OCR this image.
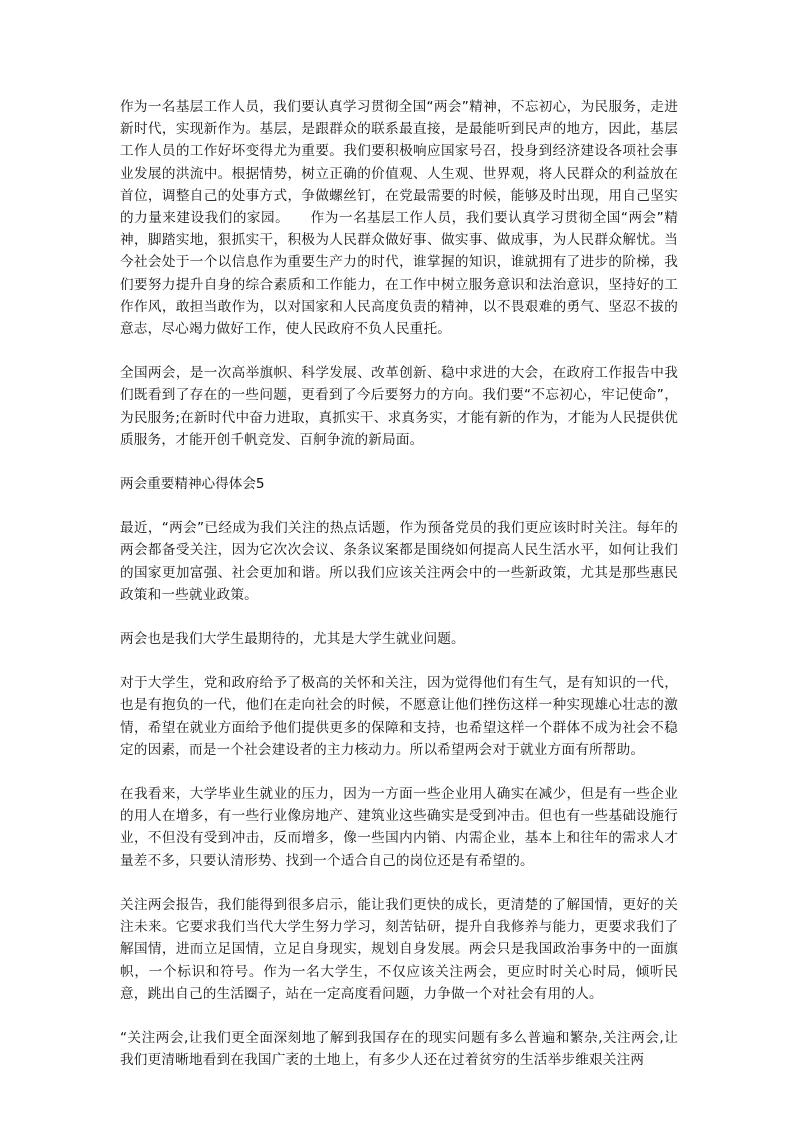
作为一名基层工作人员，我们要认真学习贯彻全国“两会”精神，不忘初心，为民服务，走进新时代，实现新作为。基层，是跟群众的联系最直接，是最能听到民声的地方，因此，基层工作人员的工作好坏变得尤为重要。我们要积极响应国家号召，投身到经济建设各项社会事业发展的洪流中。根据情势，树立正确的价值观、人生观、世界观，将人民群众的利益放在首位，调整自己的处事方式，争做螺丝钉，在党最需要的时候，能够及时出现，用自己坚实的力量来建设我们的家园。　　作为一名基层工作人员，我们要认真学习贯彻全国“两会”精神，脚踏实地，狠抓实干，积极为人民群众做好事、做实事、做成事，为人民群众解忧。当今社会处于一个以信息作为重要生产力的时代，谁掌握的知识，谁就拥有了进步的阶梯，我们要努力提升自身的综合素质和工作能力，在工作中树立服务意识和法治意识，坚持好的工作作风，敢担当敢作为，以对国家和人民高度负责的精神，以不畏艰难的勇气、坚忍不拔的意志，尽心竭力做好工作，使人民政府不负人民重托。

全国两会，是一次高举旗帜、科学发展、改革创新、稳中求进的大会，在政府工作报告中我们既看到了存在的一些问题，更看到了今后要努力的方向。我们要“不忘初心，牢记使命”，为民服务;在新时代中奋力进取，真抓实干、求真务实，才能有新的作为，才能为人民提供优质服务，才能开创千帆竞发、百舸争流的新局面。

两会重要精神心得体会5

最近，“两会”已经成为我们关注的热点话题，作为预备党员的我们更应该时时关注。每年的两会都备受关注，因为它次次会议、条条议案都是围绕如何提高人民生活水平，如何让我们的国家更加富强、社会更加和谐。所以我们应该关注两会中的一些新政策，尤其是那些惠民政策和一些就业政策。

两会也是我们大学生最期待的，尤其是大学生就业问题。

对于大学生，党和政府给予了极高的关怀和关注，因为觉得他们有生气，是有知识的一代，也是有抱负的一代，他们在走向社会的时候，不愿意让他们挫伤这样一种实现雄心壮志的激情，希望在就业方面给予他们提供更多的保障和支持，也希望这样一个群体不成为社会不稳定的因素，而是一个社会建设者的主力核动力。所以希望两会对于就业方面有所帮助。

在我看来，大学毕业生就业的压力，因为一方面一些企业用人确实在减少，但是有一些企业的用人在增多，有一些行业像房地产、建筑业这些确实是受到冲击。但也有一些基础设施行业，不但没有受到冲击，反而增多，像一些国内内销、内需企业，基本上和往年的需求人才量差不多，只要认清形势、找到一个适合自己的岗位还是有希望的。

关注两会报告，我们能得到很多启示，能让我们更快的成长，更清楚的了解国情，更好的关注未来。它要求我们当代大学生努力学习，刻苦钻研，提升自我修养与能力，更要求我们了解国情，进而立足国情，立足自身现实，规划自身发展。两会只是我国政治事务中的一面旗帜，一个标识和符号。作为一名大学生，不仅应该关注两会，更应时时关心时局，倾听民意，跳出自己的生活圈子，站在一定高度看问题，力争做一个对社会有用的人。

“关注两会,让我们更全面深刻地了解到我国存在的现实问题有多么普遍和繁杂,关注两会,让我们更清晰地看到在我国广袤的土地上，有多少人还在过着贫穷的生活举步维艰关注两
